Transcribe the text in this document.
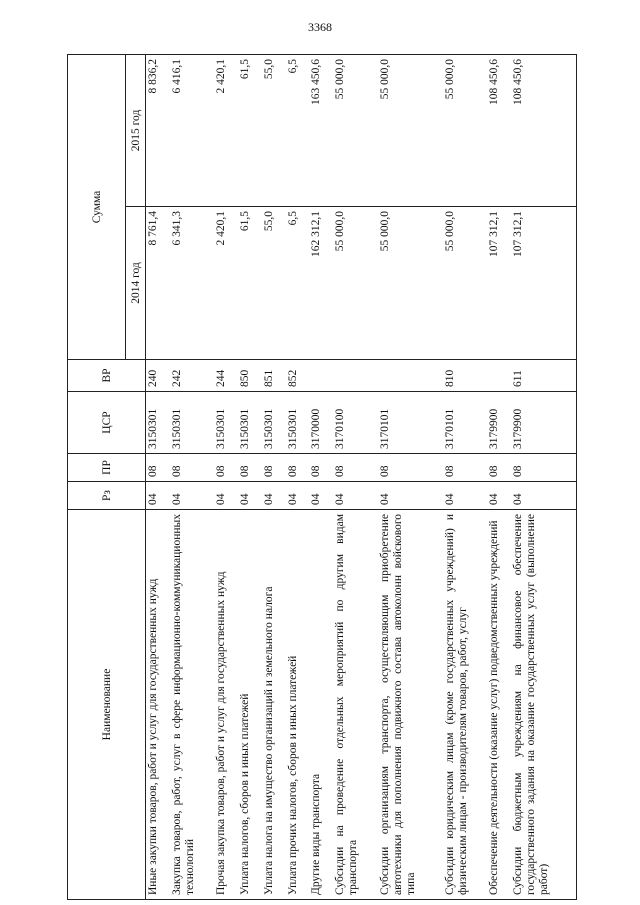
3368
Наименование	Рз	ПР	ЦСР	ВР	Сумма	
					2014 год	2015 год
Иные закупки товаров, работ и услуг для государственных нужд	04	08	3150301	240	8 761,4	8 836,2
Закупка товаров, работ, услуг в сфере информационно-коммуникационных технологий	04	08	3150301	242	6 341,3	6 416,1
Прочая закупка товаров, работ и услуг для государственных нужд	04	08	3150301	244	2 420,1	2 420,1
Уплата налогов, сборов и иных платежей	04	08	3150301	850	61,5	61,5
Уплата налога на имущество организаций и земельного налога	04	08	3150301	851	55,0	55,0
Уплата прочих налогов, сборов и иных платежей	04	08	3150301	852	6,5	6,5
Другие виды транспорта	04	08	3170000		162 312,1	163 450,6
Субсидии на проведение отдельных мероприятий по другим видам транспорта	04	08	3170100		55 000,0	55 000,0
Субсидии организациям транспорта, осуществляющим приобретение автотехники для пополнения подвижного состава автоколонн войскового типа	04	08	3170101		55 000,0	55 000,0
Субсидии юридическим лицам (кроме государственных учреждений) и физическим лицам - производителям товаров, работ, услуг	04	08	3170101	810	55 000,0	55 000,0
Обеспечение деятельности (оказание услуг) подведомственных учреждений	04	08	3179900		107 312,1	108 450,6
Субсидии бюджетным учреждениям на финансовое обеспечение государственного задания на оказание государственных услуг (выполнение работ)	04	08	3179900	611	107 312,1	108 450,6
